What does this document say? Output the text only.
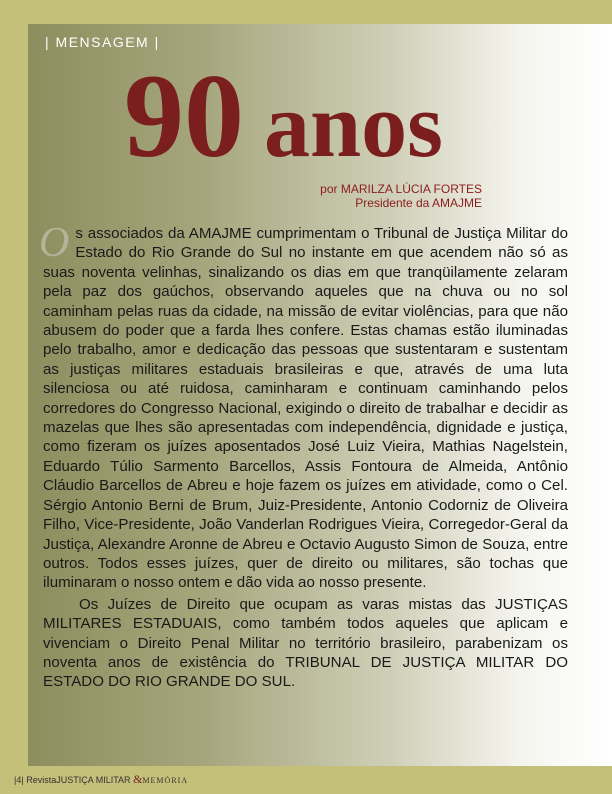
| MENSAGEM |
90 anos

por MARILZA LÚCIA FORTES

Presidente da AMAJME

Os associados da AMAJME cumprimentam o Tribunal de Justiça Militar do Estado do Rio Grande do Sul no instante em que acendem não só as suas noventa velinhas, sinalizando os dias em que tranqüilamente zelaram pela paz dos gaúchos, observando aqueles que na chuva ou no sol caminham pelas ruas da cidade, na missão de evitar violências, para que não abusem do poder que a farda lhes confere. Estas chamas estão iluminadas pelo trabalho, amor e dedicação das pessoas que sustentaram e sustentam as justiças militares estaduais brasileiras e que, através de uma luta silenciosa ou até ruidosa, caminharam e continuam caminhando pelos corredores do Congresso Nacional, exigindo o direito de trabalhar e decidir as mazelas que lhes são apresentadas com independência, dignidade e justiça, como fizeram os juízes aposentados José Luiz Vieira, Mathias Nagelstein, Eduardo Túlio Sarmento Barcellos, Assis Fontoura de Almeida, Antônio Cláudio Barcellos de Abreu e hoje fazem os juízes em atividade, como o Cel. Sérgio Antonio Berni de Brum, Juiz-Presidente, Antonio Codorniz de Oliveira Filho, Vice-Presidente, João Vanderlan Rodrigues Vieira, Corregedor-Geral da Justiça, Alexandre Aronne de Abreu e Octavio Augusto Simon de Souza, entre outros. Todos esses juízes, quer de direito ou militares, são tochas que iluminaram o nosso ontem e dão vida ao nosso presente.

Os Juízes de Direito que ocupam as varas mistas das JUSTIÇAS MILITARES ESTADUAIS, como também todos aqueles que aplicam e vivenciam o Direito Penal Militar no território brasileiro, parabenizam os noventa anos de existência do TRIBUNAL DE JUSTIÇA MILITAR DO ESTADO DO RIO GRANDE DO SUL.

|4| RevistaJUSTIÇA MILITAR &MEMÓRIA
